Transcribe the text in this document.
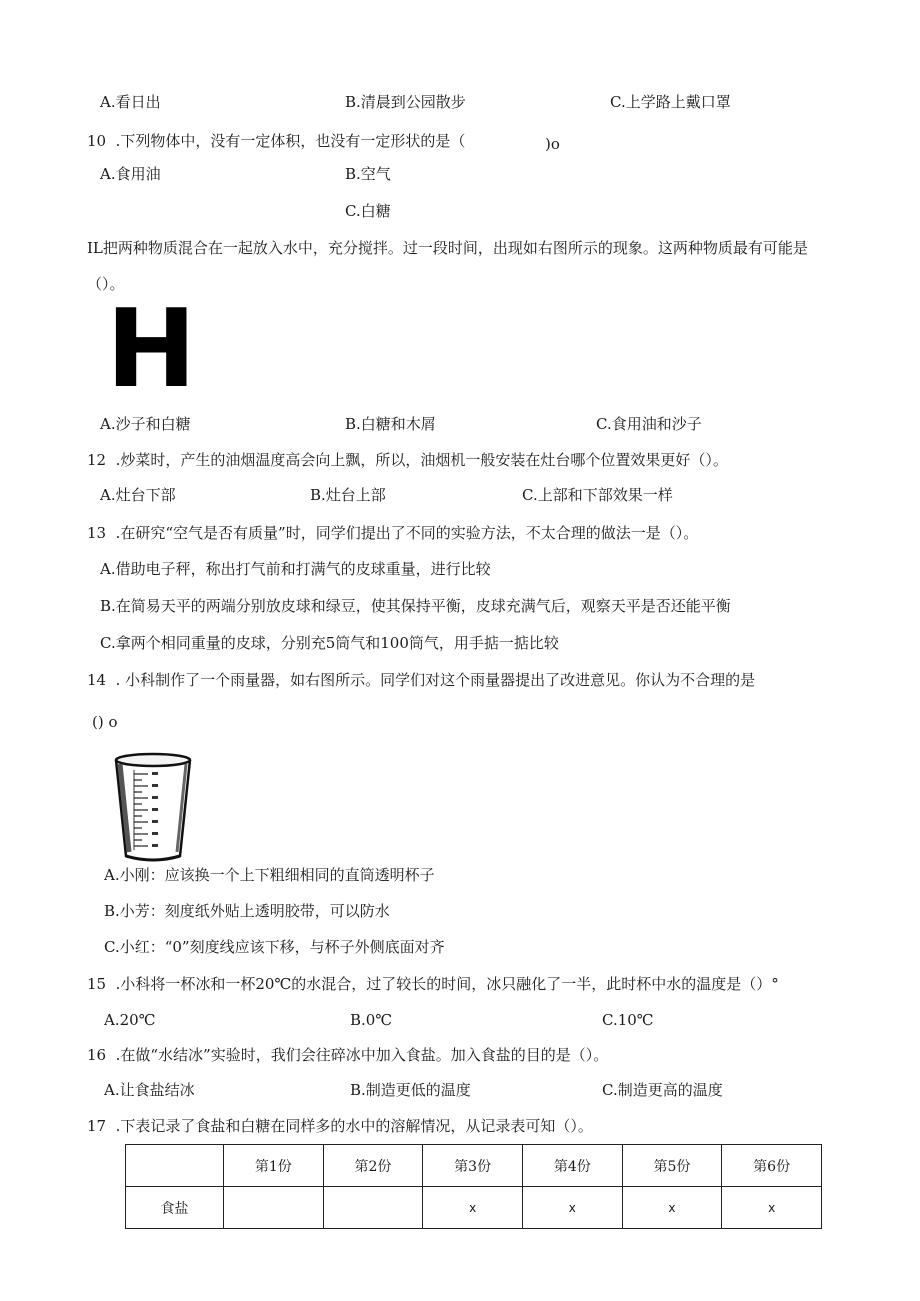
A.看日出	B.清晨到公园散步	C.上学路上戴口罩
10  .下列物体中，没有一定体积，也没有一定形状的是（	)o
A.食用油	B.空气
C.白糖
IL把两种物质混合在一起放入水中，充分搅拌。过一段时间，出现如右图所示的现象。这两种物质最有可能是
（）。
H
A.沙子和白糖	B.白糖和木屑	C.食用油和沙子
12  .炒菜时，产生的油烟温度高会向上飘，所以，油烟机一般安装在灶台哪个位置效果更好（）。
A.灶台下部	B.灶台上部	C.上部和下部效果一样
13  .在研究“空气是否有质量”时，同学们提出了不同的实验方法，不太合理的做法一是（）。
A.借助电子秤，称出打气前和打满气的皮球重量，进行比较
B.在简易天平的两端分别放皮球和绿豆，使其保持平衡，皮球充满气后，观察天平是否还能平衡
C.拿两个相同重量的皮球，分别充5筒气和100筒气，用手掂一掂比较
14  . 小科制作了一个雨量器，如右图所示。同学们对这个雨量器提出了改进意见。你认为不合理的是
() o
A.小刚：应该换一个上下粗细相同的直筒透明杯子
B.小芳：刻度纸外贴上透明胶带，可以防水
C.小红：“0”刻度线应该下移，与杯子外侧底面对齐
15  .小科将一杯冰和一杯20℃的水混合，过了较长的时间，冰只融化了一半，此时杯中水的温度是（）°
A.20℃	B.0℃	C.10℃
16  .在做“水结冰”实验时，我们会往碎冰中加入食盐。加入食盐的目的是（）。
A.让食盐结冰	B.制造更低的温度	C.制造更高的温度
17  .下表记录了食盐和白糖在同样多的水中的溶解情况，从记录表可知（）。
	第1份	第2份	第3份	第4份	第5份	第6份
食盐			x	x	x	x
